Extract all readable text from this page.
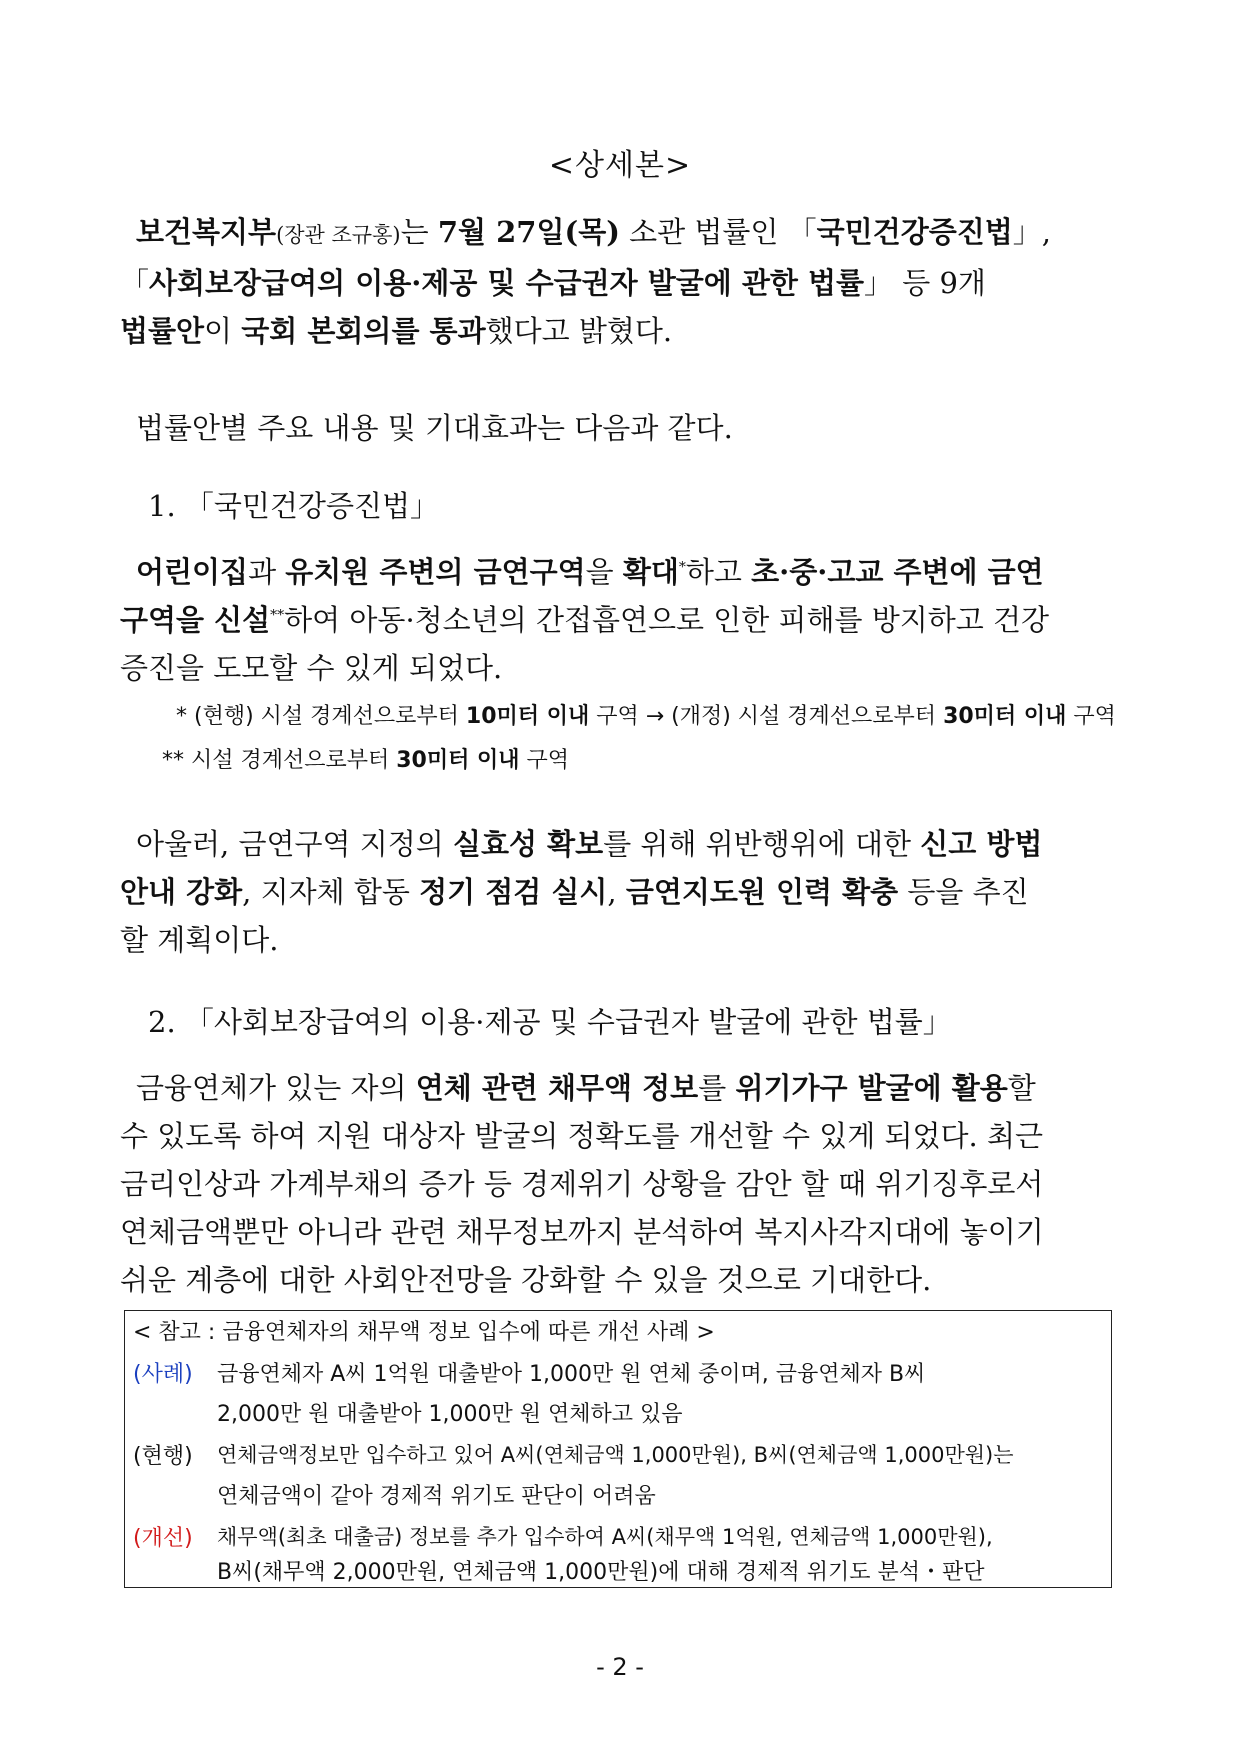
<상세본>
보건복지부(장관 조규홍)는 7월 27일(목) 소관 법률인 「국민건강증진법」,
「사회보장급여의 이용·제공 및 수급권자 발굴에 관한 법률」 등 9개
법률안이 국회 본회의를 통과했다고 밝혔다.
법률안별 주요 내용 및 기대효과는 다음과 같다.
1. 「국민건강증진법」
어린이집과 유치원 주변의 금연구역을 확대*하고 초·중·고교 주변에 금연
구역을 신설**하여 아동·청소년의 간접흡연으로 인한 피해를 방지하고 건강
증진을 도모할 수 있게 되었다.
* (현행) 시설 경계선으로부터 10미터 이내 구역 → (개정) 시설 경계선으로부터 30미터 이내 구역
** 시설 경계선으로부터 30미터 이내 구역
아울러, 금연구역 지정의 실효성 확보를 위해 위반행위에 대한 신고 방법
안내 강화, 지자체 합동 정기 점검 실시, 금연지도원 인력 확충 등을 추진
할 계획이다.
2. 「사회보장급여의 이용·제공 및 수급권자 발굴에 관한 법률」
금융연체가 있는 자의 연체 관련 채무액 정보를 위기가구 발굴에 활용할
수 있도록 하여 지원 대상자 발굴의 정확도를 개선할 수 있게 되었다. 최근
금리인상과 가계부채의 증가 등 경제위기 상황을 감안 할 때 위기징후로서
연체금액뿐만 아니라 관련 채무정보까지 분석하여 복지사각지대에 놓이기
쉬운 계층에 대한 사회안전망을 강화할 수 있을 것으로 기대한다.
< 참고 : 금융연체자의 채무액 정보 입수에 따른 개선 사례 >
(사례) 금융연체자 A씨 1억원 대출받아 1,000만 원 연체 중이며, 금융연체자 B씨
2,000만 원 대출받아 1,000만 원 연체하고 있음
(현행) 연체금액정보만 입수하고 있어 A씨(연체금액 1,000만원), B씨(연체금액 1,000만원)는
연체금액이 같아 경제적 위기도 판단이 어려움
(개선) 채무액(최초 대출금) 정보를 추가 입수하여 A씨(채무액 1억원, 연체금액 1,000만원),
B씨(채무액 2,000만원, 연체금액 1,000만원)에 대해 경제적 위기도 분석・판단
- 2 -
